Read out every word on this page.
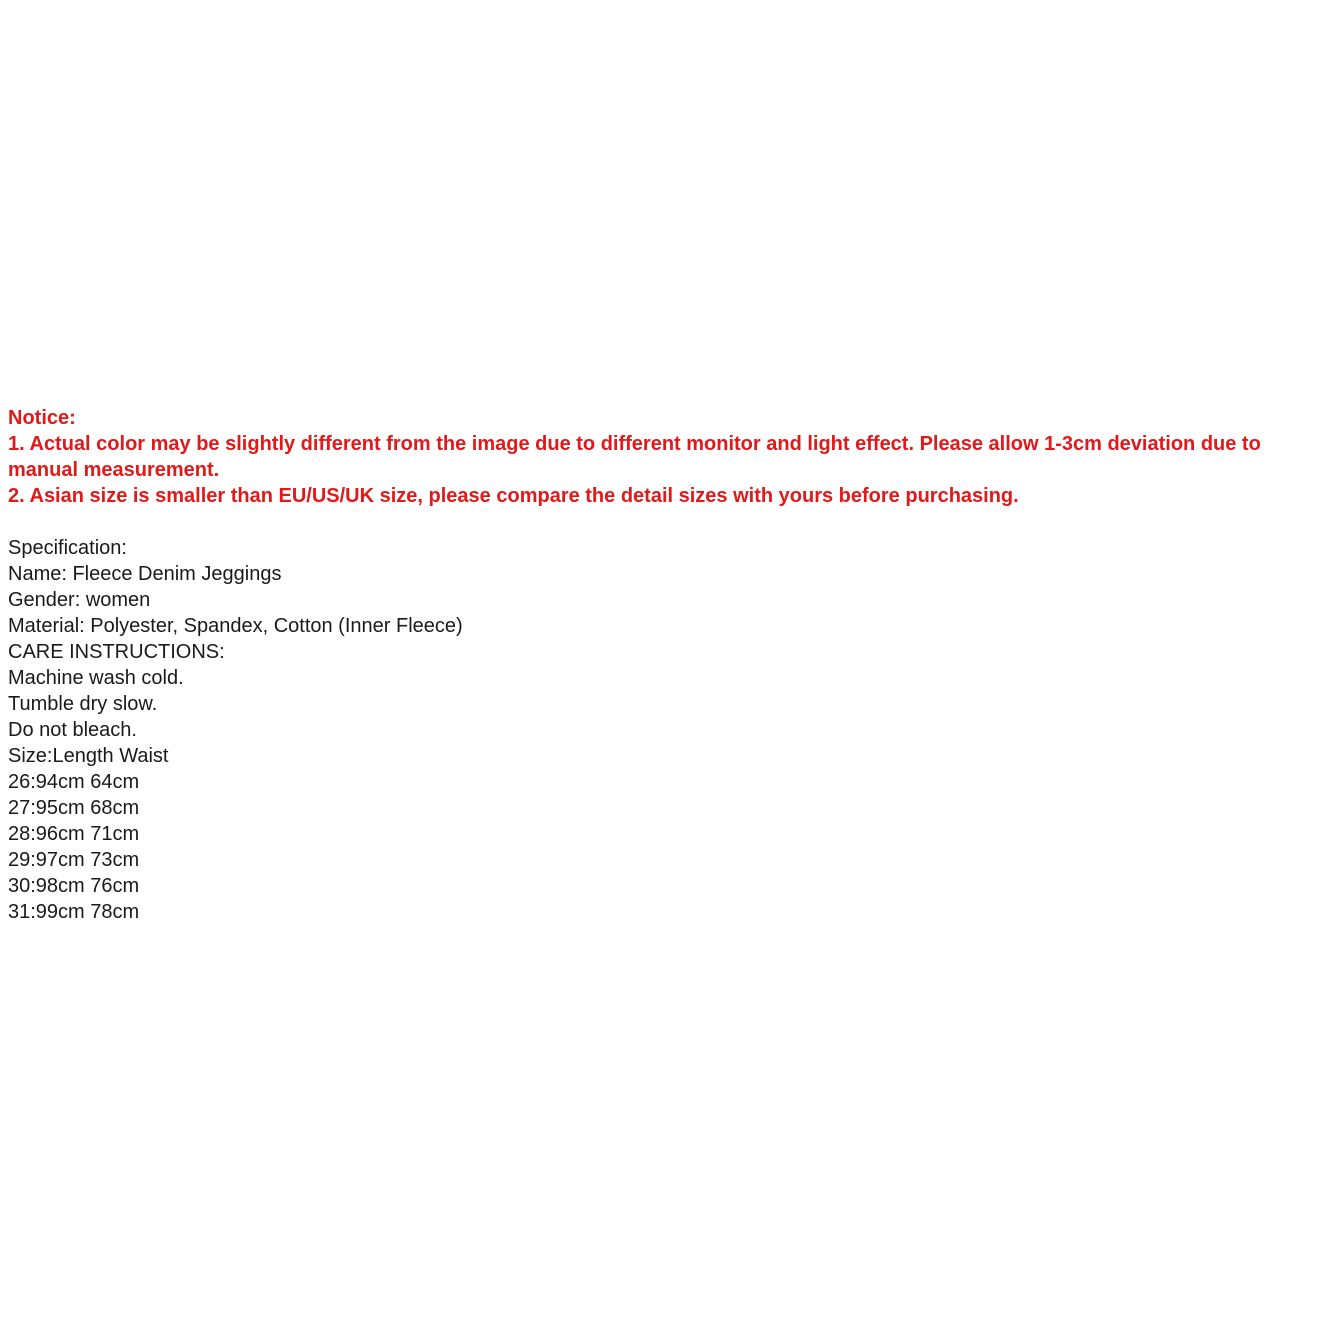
Notice:
1. Actual color may be slightly different from the image due to different monitor and light effect. Please allow 1-3cm deviation due to manual measurement.
2. Asian size is smaller than EU/US/UK size, please compare the detail sizes with yours before purchasing.
Specification:
Name: Fleece Denim Jeggings
Gender: women
Material: Polyester, Spandex, Cotton (Inner Fleece)
CARE INSTRUCTIONS:
Machine wash cold.
Tumble dry slow.
Do not bleach.
Size:Length Waist
26:94cm 64cm
27:95cm 68cm
28:96cm 71cm
29:97cm 73cm
30:98cm 76cm
31:99cm 78cm
